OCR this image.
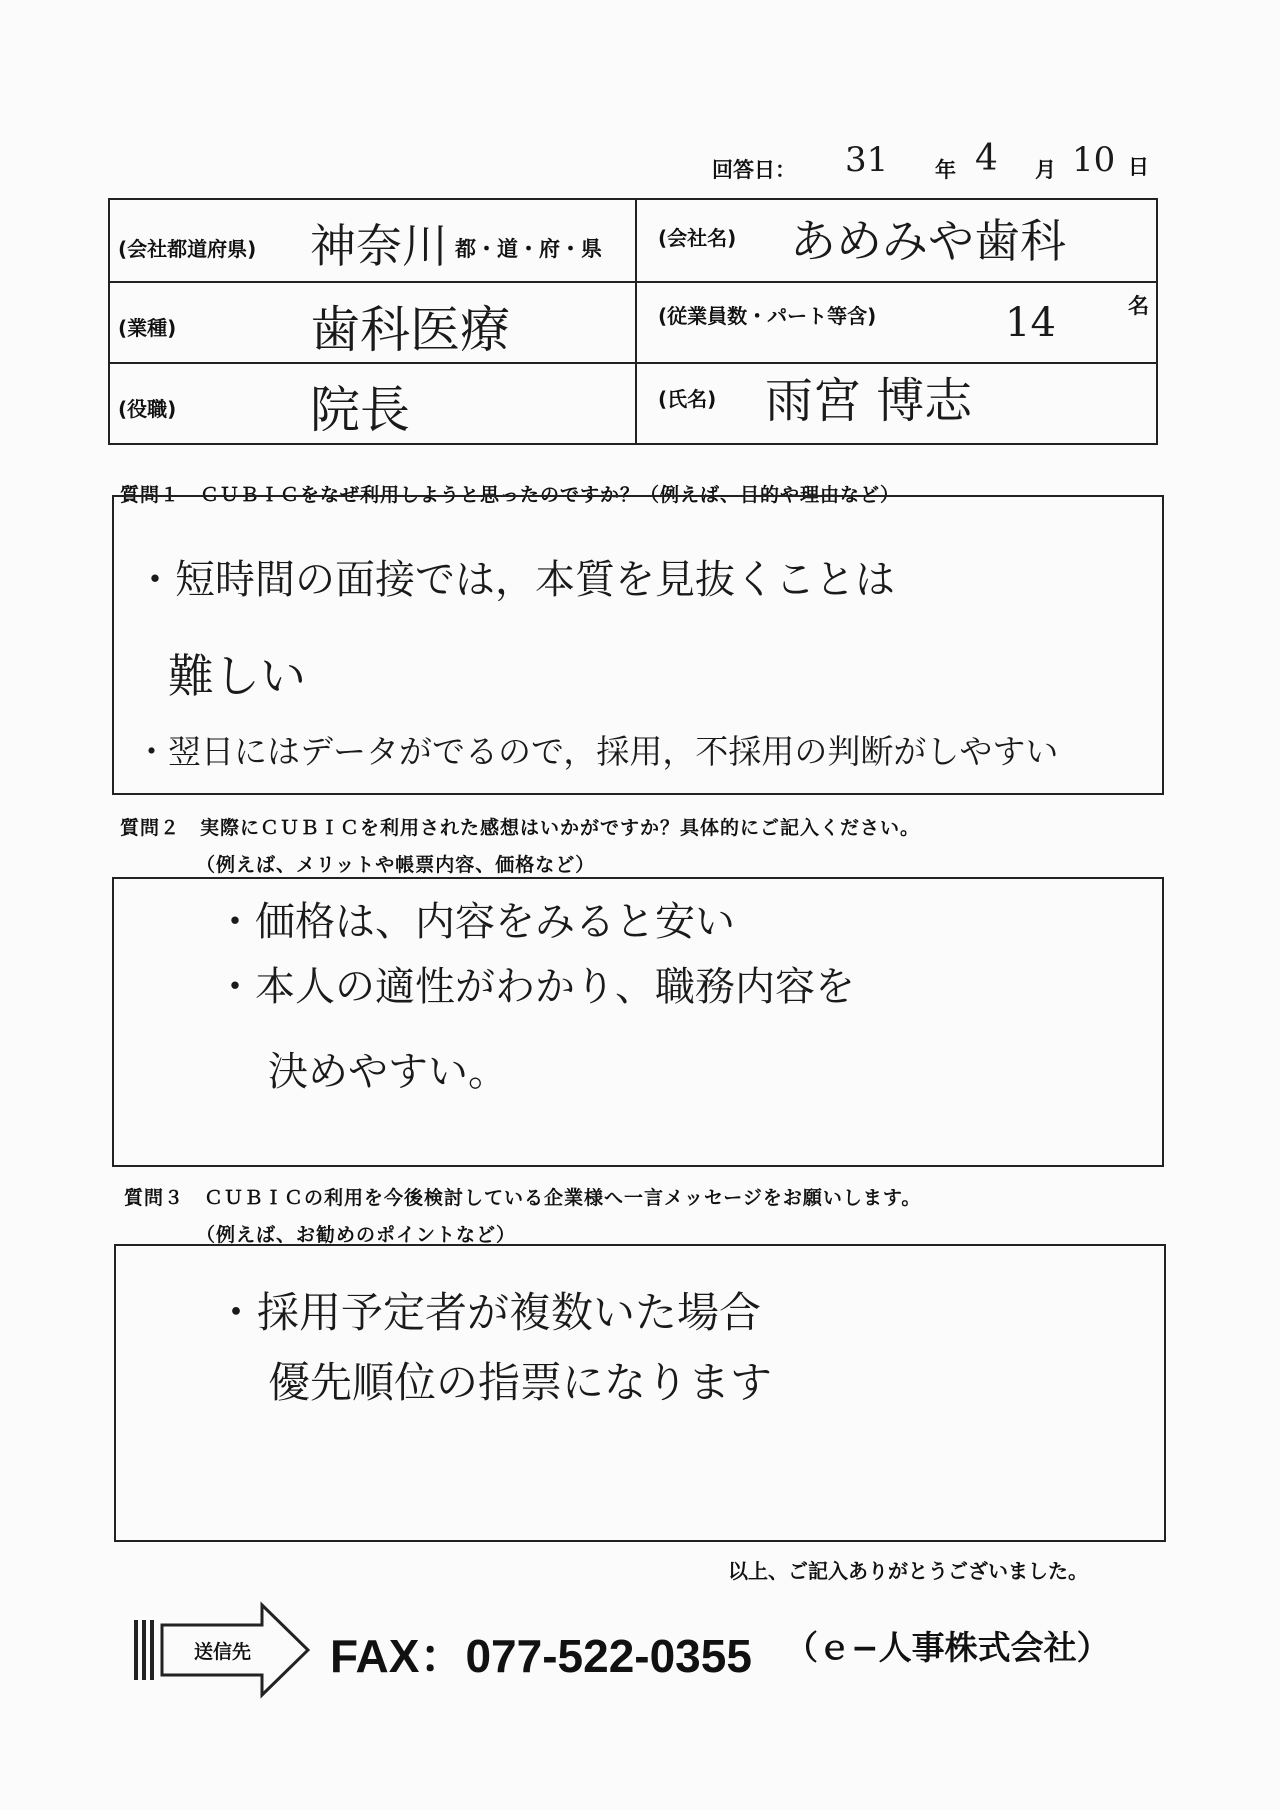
回答日： 31 年 4 月 10 日
(会社都道府県) 神奈川 都・道・府・県	(会社名) あめみや歯科
(業種)	歯科医療	(従業員数・パート等含)	14	名
(役職)	院長	(氏名) 雨宮 博志
質問１　ＣＵＢＩＣをなぜ利用しようと思ったのですか？（例えば、目的や理由など）
・短時間の面接では，本質を見抜くことは
難しい
・翌日にはデータがでるので，採用，不採用の判断がしやすい
質問２　実際にＣＵＢＩＣを利用された感想はいかがですか？具体的にご記入ください。
（例えば、メリットや帳票内容、価格など）
・価格は、内容をみると安い
・本人の適性がわかり、職務内容を
決めやすい。
質問３　ＣＵＢＩＣの利用を今後検討している企業様へ一言メッセージをお願いします。
（例えば、お勧めのポイントなど）
・採用予定者が複数いた場合
優先順位の指票になります
以上、ご記入ありがとうございました。
送信先 FAX：077-522-0355 （ｅ−人事株式会社）
